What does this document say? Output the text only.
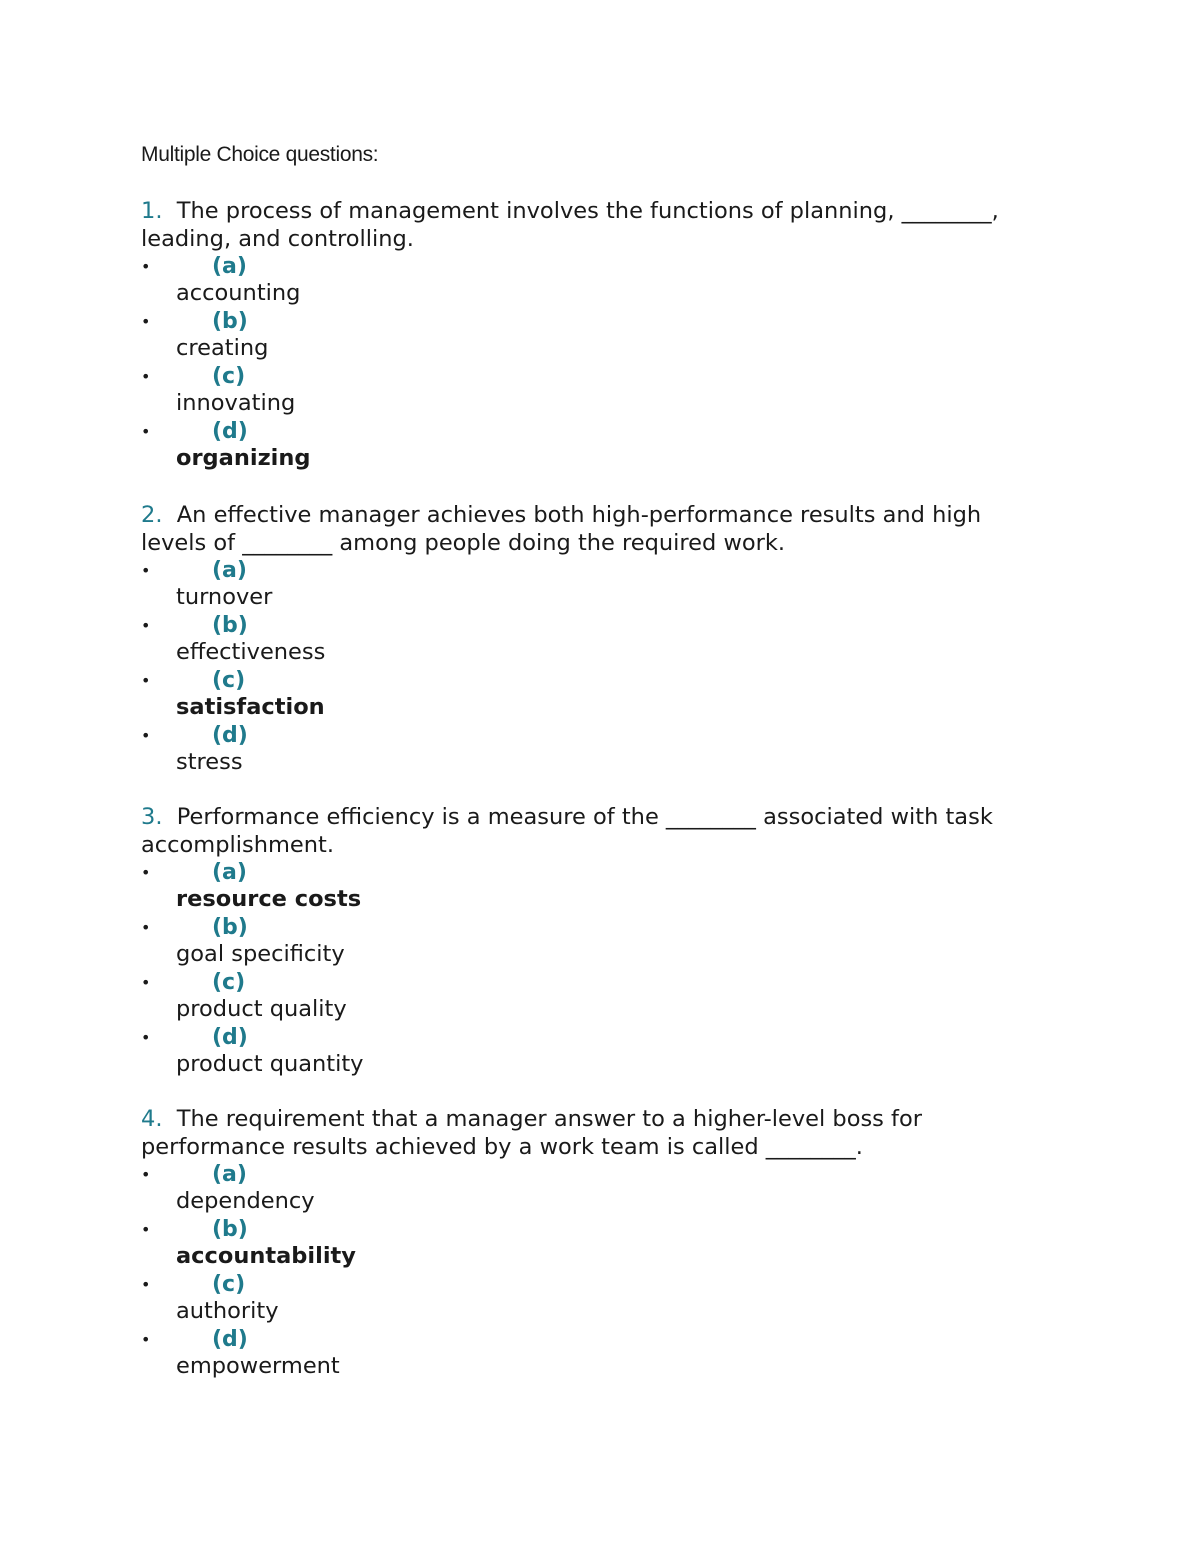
Multiple Choice questions:

1. The process of management involves the functions of planning, ________, leading, and controlling.

•	(a)
accounting
•	(b)
creating
•	(c)
innovating
•	(d)
organizing

2. An effective manager achieves both high-performance results and high levels of ________ among people doing the required work.

•	(a)
turnover
•	(b)
effectiveness
•	(c)
satisfaction
•	(d)
stress

3. Performance efficiency is a measure of the ________ associated with task accomplishment.

•	(a)
resource costs
•	(b)
goal specificity
•	(c)
product quality
•	(d)
product quantity

4. The requirement that a manager answer to a higher-level boss for performance results achieved by a work team is called ________.

•	(a)
dependency
•	(b)
accountability
•	(c)
authority
•	(d)
empowerment
